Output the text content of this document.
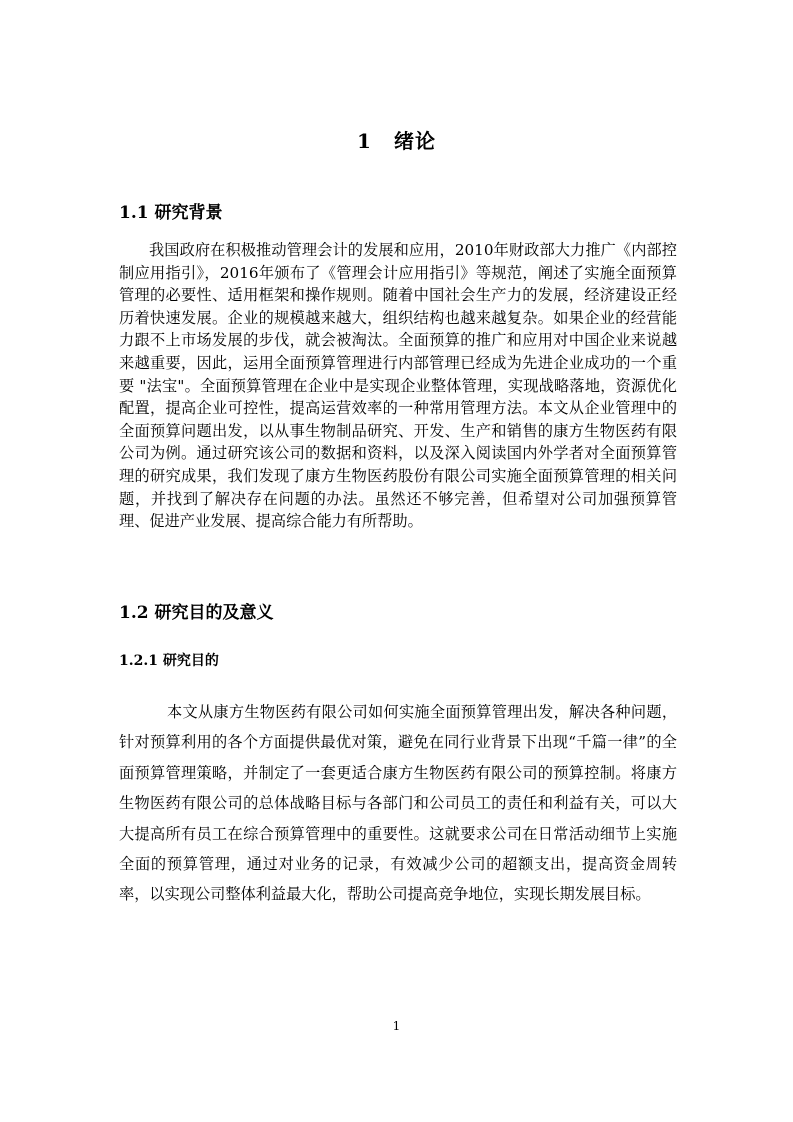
1 绪论
1.1 研究背景

我国政府在积极推动管理会计的发展和应用，2010年财政部大力推广《内部控制应用指引》，2016年颁布了《管理会计应用指引》等规范，阐述了实施全面预算管理的必要性、适用框架和操作规则。随着中国社会生产力的发展，经济建设正经历着快速发展。企业的规模越来越大，组织结构也越来越复杂。如果企业的经营能力跟不上市场发展的步伐，就会被淘汰。全面预算的推广和应用对中国企业来说越来越重要，因此，运用全面预算管理进行内部管理已经成为先进企业成功的一个重要 "法宝"。全面预算管理在企业中是实现企业整体管理，实现战略落地，资源优化配置，提高企业可控性，提高运营效率的一种常用管理方法。本文从企业管理中的全面预算问题出发，以从事生物制品研究、开发、生产和销售的康方生物医药有限公司为例。通过研究该公司的数据和资料，以及深入阅读国内外学者对全面预算管理的研究成果，我们发现了康方生物医药股份有限公司实施全面预算管理的相关问题，并找到了解决存在问题的办法。虽然还不够完善，但希望对公司加强预算管理、促进产业发展、提高综合能力有所帮助。

1.2 研究目的及意义
1.2.1 研究目的

本文从康方生物医药有限公司如何实施全面预算管理出发，解决各种问题，针对预算利用的各个方面提供最优对策，避免在同行业背景下出现“千篇一律”的全面预算管理策略，并制定了一套更适合康方生物医药有限公司的预算控制。将康方生物医药有限公司的总体战略目标与各部门和公司员工的责任和利益有关，可以大大提高所有员工在综合预算管理中的重要性。这就要求公司在日常活动细节上实施全面的预算管理，通过对业务的记录，有效减少公司的超额支出，提高资金周转率，以实现公司整体利益最大化，帮助公司提高竞争地位，实现长期发展目标。

1
